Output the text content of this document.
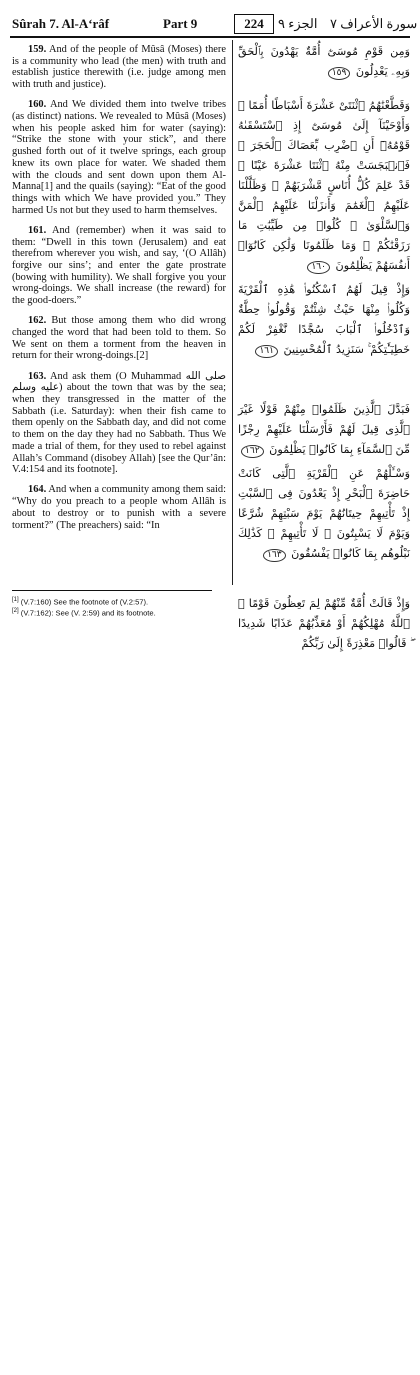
Sûrah 7. Al-A‘râf	Part 9	224	الجزء ٩ سورة الأعراف ٧

159. And of the people of Mûsâ (Moses) there is a community who lead (the men) with truth and establish justice therewith (i.e. judge among men with truth and justice).

160. And We divided them into twelve tribes (as distinct) nations. We revealed to Mûsâ (Moses) when his people asked him for water (saying): “Strike the stone with your stick”, and there gushed forth out of it twelve springs, each group knew its own place for water. We shaded them with the clouds and sent down upon them Al-Manna[1] and the quails (saying): “Eat of the good things with which We have provided you.” They harmed Us not but they used to harm themselves.

161. And (remember) when it was said to them: “Dwell in this town (Jerusalem) and eat therefrom wherever you wish, and say, ‘(O Allâh) forgive our sins’; and enter the gate prostrate (bowing with humility). We shall forgive you your wrong-doings. We shall increase (the reward) for the good-doers.”

162. But those among them who did wrong changed the word that had been told to them. So We sent on them a torment from the heaven in return for their wrong-doings.[2]

163. And ask them (O Muhammad صلى الله عليه وسلم) about the town that was by the sea; when they transgressed in the matter of the Sabbath (i.e. Saturday): when their fish came to them openly on the Sabbath day, and did not come to them on the day they had no Sabbath. Thus We made a trial of them, for they used to rebel against Allah’s Command (disobey Allah) [see the Qur’ân: V.4:154 and its footnote].

164. And when a community among them said: “Why do you preach to a people whom Allâh is about to destroy or to punish with a severe torment?” (The preachers) said: “In

وَمِن قَوْمِ مُوسَىٰٓ أُمَّةٌ يَهْدُونَ بِٱلْحَقِّ وَبِهِۦ يَعْدِلُونَ ١٥٩

وَقَطَّعْنَٰهُمُ ٱثْنَتَىْ عَشْرَةَ أَسْبَاطًا أُمَمًا ۚ وَأَوْحَيْنَآ إِلَىٰ مُوسَىٰٓ إِذِ ٱسْتَسْقَىٰهُ قَوْمُهُۥٓ أَنِ ٱضْرِب بِّعَصَاكَ ٱلْحَجَرَ ۖ فَٱنۢبَجَسَتْ مِنْهُ ٱثْنَتَا عَشْرَةَ عَيْنًا ۖ قَدْ عَلِمَ كُلُّ أُنَاسٍ مَّشْرَبَهُمْ ۚ وَظَلَّلْنَا عَلَيْهِمُ ٱلْغَمَٰمَ وَأَنزَلْنَا عَلَيْهِمُ ٱلْمَنَّ وَٱلسَّلْوَىٰ ۖ كُلُوا۟ مِن طَيِّبَٰتِ مَا رَزَقْنَٰكُمْ ۚ وَمَا ظَلَمُونَا وَلَٰكِن كَانُوٓا۟ أَنفُسَهُمْ يَظْلِمُونَ ١٦٠

وَإِذْ قِيلَ لَهُمُ ٱسْكُنُوا۟ هَٰذِهِ ٱلْقَرْيَةَ وَكُلُوا۟ مِنْهَا حَيْثُ شِئْتُمْ وَقُولُوا۟ حِطَّةٌ وَٱدْخُلُوا۟ ٱلْبَابَ سُجَّدًا نَّغْفِرْ لَكُمْ خَطِيٓـَٰٔتِكُمْ ۚ سَنَزِيدُ ٱلْمُحْسِنِينَ ١٦١

فَبَدَّلَ ٱلَّذِينَ ظَلَمُوا۟ مِنْهُمْ قَوْلًا غَيْرَ ٱلَّذِى قِيلَ لَهُمْ فَأَرْسَلْنَا عَلَيْهِمْ رِجْزًا مِّنَ ٱلسَّمَآءِ بِمَا كَانُوا۟ يَظْلِمُونَ ١٦٢

وَسْـَٔلْهُمْ عَنِ ٱلْقَرْيَةِ ٱلَّتِى كَانَتْ حَاضِرَةَ ٱلْبَحْرِ إِذْ يَعْدُونَ فِى ٱلسَّبْتِ إِذْ تَأْتِيهِمْ حِيتَانُهُمْ يَوْمَ سَبْتِهِمْ شُرَّعًا وَيَوْمَ لَا يَسْبِتُونَ ۙ لَا تَأْتِيهِمْ ۚ كَذَٰلِكَ نَبْلُوهُم بِمَا كَانُوا۟ يَفْسُقُونَ ١٦٣

وَإِذْ قَالَتْ أُمَّةٌ مِّنْهُمْ لِمَ تَعِظُونَ قَوْمًا ۙ ٱللَّهُ مُهْلِكُهُمْ أَوْ مُعَذِّبُهُمْ عَذَابًا شَدِيدًا ۖ قَالُوا۟ مَعْذِرَةً إِلَىٰ رَبِّكُمْ

[1] (V.7:160) See the footnote of (V.2:57).
[2] (V.7:162): See (V. 2:59) and its footnote.
